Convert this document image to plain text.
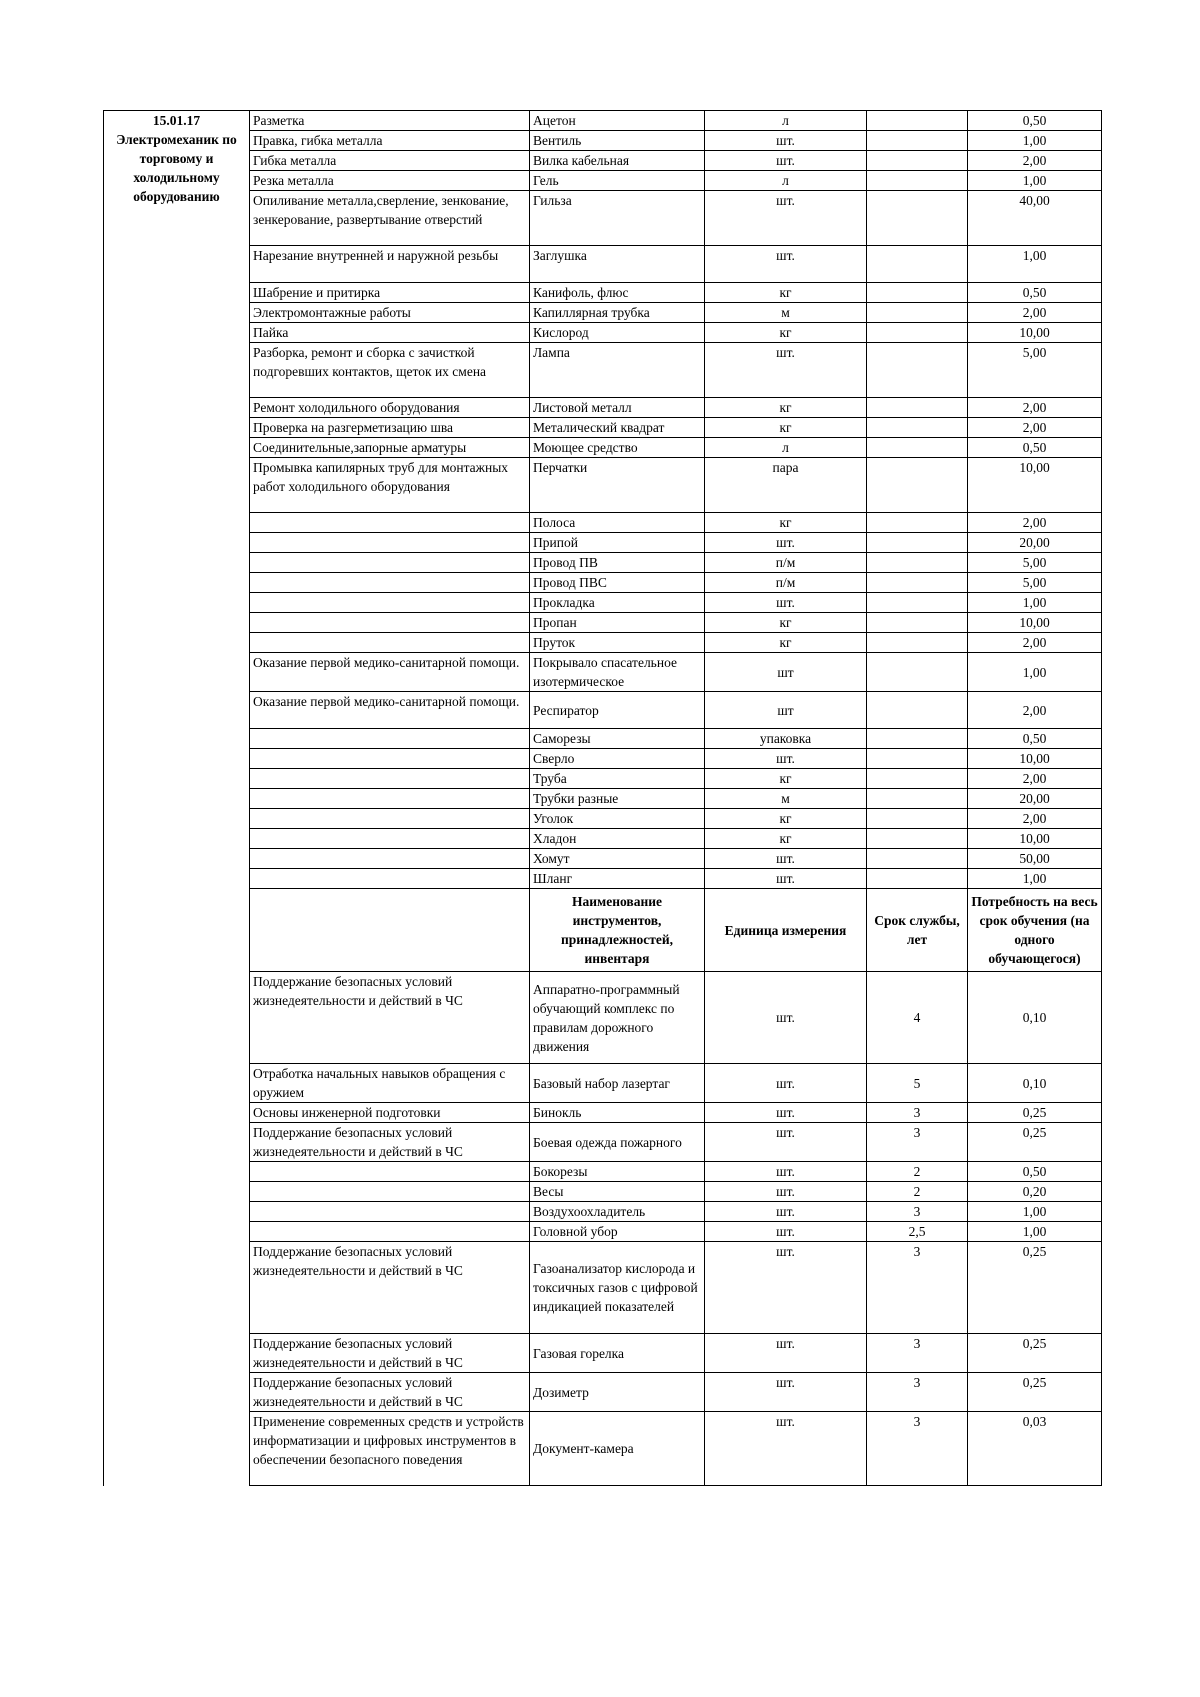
15.01.17
Электромеханик по
торговому и
холодильному
оборудованию	Разметка	Ацетон	л		0,50
	Правка, гибка металла	Вентиль	шт.		1,00
	Гибка металла	Вилка кабельная	шт.		2,00
	Резка металла	Гель	л		1,00
	Опиливание металла,сверление, зенкование, зенкерование, развертывание отверстий	Гильза	шт.		40,00
	Нарезание внутренней и наружной резьбы	Заглушка	шт.		1,00
	Шабрение и притирка	Канифоль, флюс	кг		0,50
	Электромонтажные работы	Капиллярная трубка	м		2,00
	Пайка	Кислород	кг		10,00
	Разборка, ремонт и сборка с зачисткой подгоревших контактов, щеток их смена	Лампа	шт.		5,00
	Ремонт холодильного оборудования	Листовой металл	кг		2,00
	Проверка на разгерметизацию шва	Металический квадрат	кг		2,00
	Соединительные,запорные арматуры	Моющее средство	л		0,50
	Промывка капилярных труб для монтажных работ холодильного оборудования	Перчатки	пара		10,00
		Полоса	кг		2,00
		Припой	шт.		20,00
		Провод ПВ	п/м		5,00
		Провод ПВС	п/м		5,00
		Прокладка	шт.		1,00
		Пропан	кг		10,00
		Пруток	кг		2,00
	Оказание первой медико-санитарной помощи.	Покрывало спасательное изотермическое	шт		1,00
	Оказание первой медико-санитарной помощи.	Респиратор	шт		2,00
		Саморезы	упаковка		0,50
		Сверло	шт.		10,00
		Труба	кг		2,00
		Трубки разные	м		20,00
		Уголок	кг		2,00
		Хладон	кг		10,00
		Хомут	шт.		50,00
		Шланг	шт.		1,00
		Наименование инструментов, принадлежностей, инвентаря	Единица измерения	Срок службы, лет	Потребность на весь срок обучения (на одного обучающегося)
	Поддержание безопасных условий жизнедеятельности и действий в ЧС	Аппаратно-программный обучающий комплекс по правилам дорожного движения	шт.	4	0,10
	Отработка начальных навыков обращения с оружием	Базовый набор лазертаг	шт.	5	0,10
	Основы инженерной подготовки	Бинокль	шт.	3	0,25
	Поддержание безопасных условий жизнедеятельности и действий в ЧС	Боевая одежда пожарного	шт.	3	0,25
		Бокорезы	шт.	2	0,50
		Весы	шт.	2	0,20
		Воздухоохладитель	шт.	3	1,00
		Головной убор	шт.	2,5	1,00
	Поддержание безопасных условий жизнедеятельности и действий в ЧС	Газоанализатор кислорода и токсичных газов с цифровой индикацией показателей	шт.	3	0,25
	Поддержание безопасных условий жизнедеятельности и действий в ЧС	Газовая горелка	шт.	3	0,25
	Поддержание безопасных условий жизнедеятельности и действий в ЧС	Дозиметр	шт.	3	0,25
	Применение современных средств и устройств информатизации и цифровых инструментов в обеспечении безопасного поведения	Документ-камера	шт.	3	0,03
